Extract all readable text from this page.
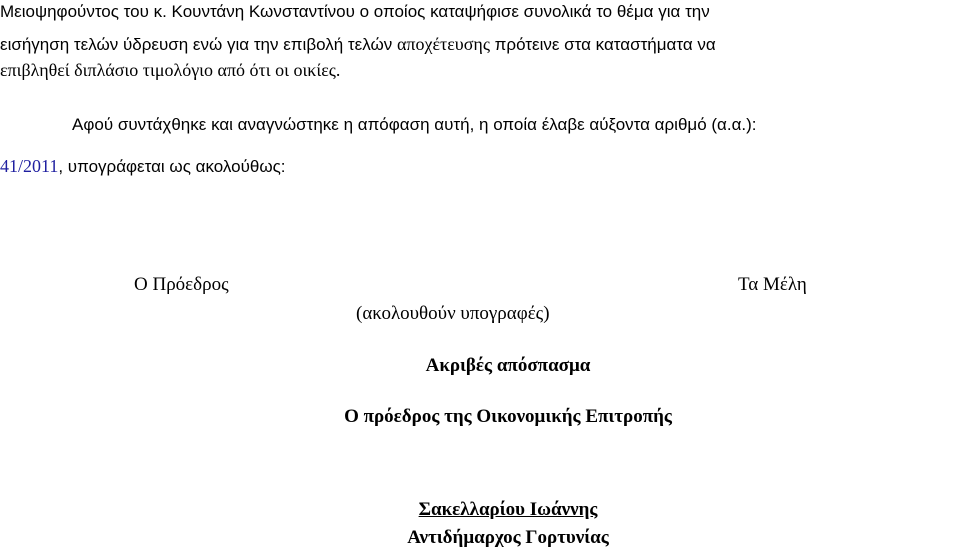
Μειοψηφούντος του κ. Κουντάνη Κωνσταντίνου ο οποίος καταψήφισε συνολικά το θέμα για την
εισήγηση τελών ύδρευση ενώ για την επιβολή τελών αποχέτευσης πρότεινε στα καταστήματα να
επιβληθεί διπλάσιο τιμολόγιο από ότι οι οικίες.
Αφού συντάχθηκε και αναγνώστηκε η απόφαση αυτή, η οποία έλαβε αύξοντα αριθμό (α.α.):
41/2011, υπογράφεται ως ακολούθως:
Ο Πρόεδρος	Τα Μέλη
(ακολουθούν υπογραφές)
Ακριβές απόσπασμα
Ο πρόεδρος της Οικονομικής Επιτροπής
Σακελλαρίου Ιωάννης
Αντιδήμαρχος Γορτυνίας
